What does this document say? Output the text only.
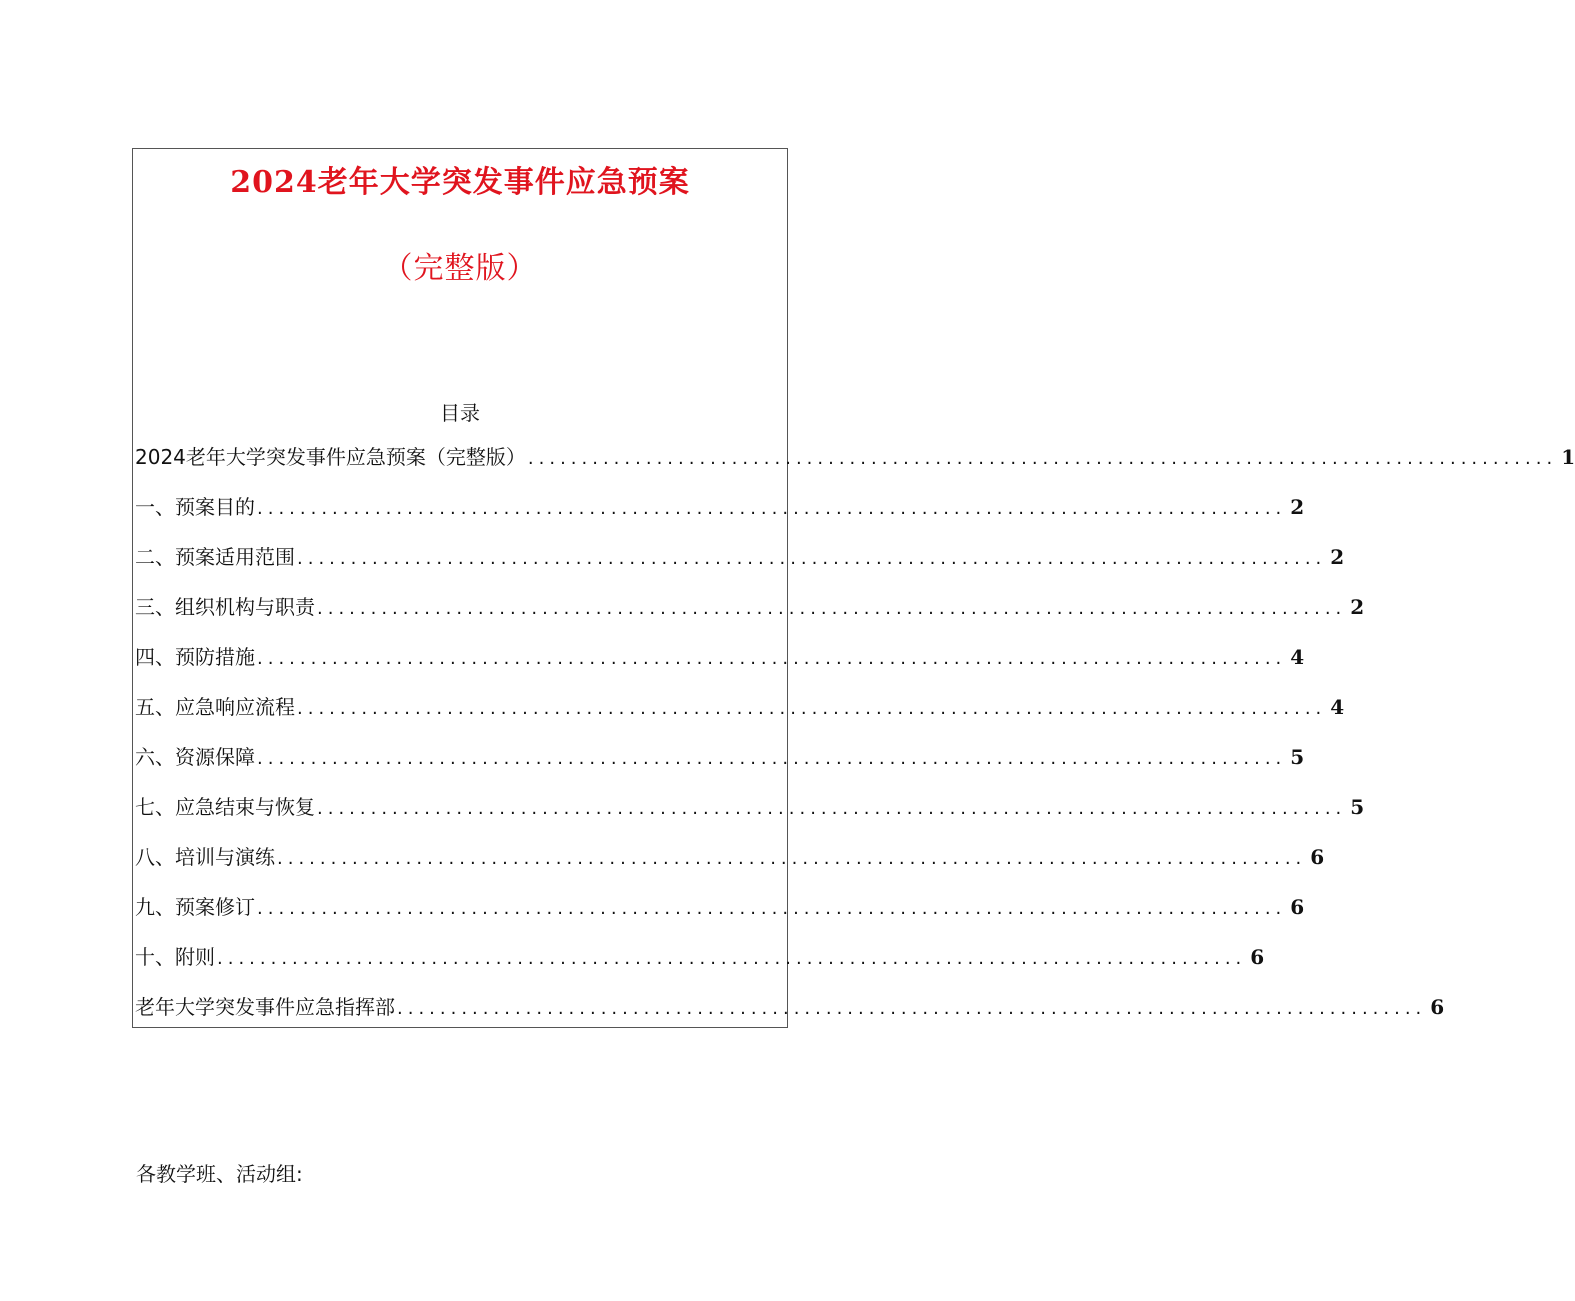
2024老年大学突发事件应急预案
（完整版）
目录
2024老年大学突发事件应急预案（完整版） ................................................................................................ 1
一、预案目的 ................................................................................................ 2
二、预案适用范围 ................................................................................................ 2
三、组织机构与职责 ................................................................................................ 2
四、预防措施 ................................................................................................ 4
五、应急响应流程 ................................................................................................ 4
六、资源保障 ................................................................................................ 5
七、应急结束与恢复 ................................................................................................ 5
八、培训与演练 ................................................................................................ 6
九、预案修订 ................................................................................................ 6
十、附则 ................................................................................................ 6
老年大学突发事件应急指挥部 ................................................................................................ 6
各教学班、活动组:
